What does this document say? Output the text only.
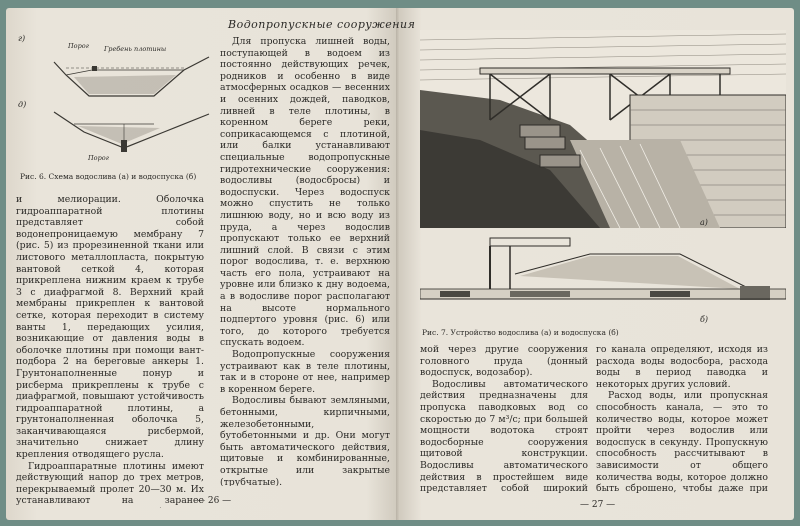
г)
д)
Порог Гребень плотины
Порог
Рис. 6. Схема водослива (а) и водоспуска (б)

и мелиорации. Оболочка гидроаппаратной плотины представляет собой водонепроницаемую мембрану 7 (рис. 5) из прорезиненной ткани или листового металлопласта, покрытую вантовой сеткой 4, которая прикреплена нижним краем к трубе 3 с диафрагмой 8. Верхний край мембраны прикреплен к вантовой сетке, которая переходит в систему ванты 1, передающих усилия, возникающие от давления воды в оболочке плотины при помощи вант-подбора 2 на береговые анкеры 1. Грунтонаполненные понур и рисберма прикреплены к трубе с диафрагмой, повышают устойчивость гидроаппаратной плотины, а грунтонаполненная оболочка 5, заканчивающаяся рисбермой, значительно снижает длину крепления отводящего русла.

Гидроаппаратные плотины имеют действующий напор до трех метров, перекрываемый пролет 20—30 м. Их устанавливают на заранее

Водопропускные сооружения

Для пропуска лишней воды, поступающей в водоем из постоянно действующих речек, родников и особенно в виде атмосферных осадков — весенних и осенних дождей, паводков, ливней в теле плотины, в коренном береге реки, соприкасающемся с плотиной, или балки устанавливают специальные водопропускные гидротехнические сооружения: водосливы (водосбросы) и водоспуски. Через водоспуск можно спустить не только лишнюю воду, но и всю воду из пруда, а через водослив пропускают только ее верхний лишний слой. В связи с этим порог водослива, т. е. верхнюю часть его пола, устраивают на уровне или близко к дну водоема, а в водосливе порог располагают на высоте нормального подпертого уровня (рис. 6) или того, до которого требуется спускать водоем.

Водопропускные сооружения устраивают как в теле плотины, так и в стороне от нее, например в коренном береге.

Водосливы бывают земляными, бетонными, кирпичными, железобетонными, бутобетонными и др. Они могут быть автоматического действия, щитовые и комбинированные, открытые или закрытые (трубчатые).

— 26 —
а)
б)
Рис. 7. Устройство водослива (а) и водоспуска (б)

мой через другие сооружения головного пруда (донный водоспуск, водозабор).

Водосливы автоматического действия предназначены для пропуска паводковых вод со скоростью до 7 м³/с; при большей мощности водотока строят водосборные сооружения щитовой конструкции. Водосливы автоматического действия в простейшем виде представляет собой широкий

го канала определяют, исходя из расхода воды водосбора, расхода воды в период паводка и некоторых других условий.

Расход воды, или пропускная способность канала, — это то количество воды, которое может пройти через водослив или водоспуск в секунду. Пропускную способность рассчитывают в зависимости от общего количества воды, которое должно быть сброшено, чтобы даже при

— 27 —
